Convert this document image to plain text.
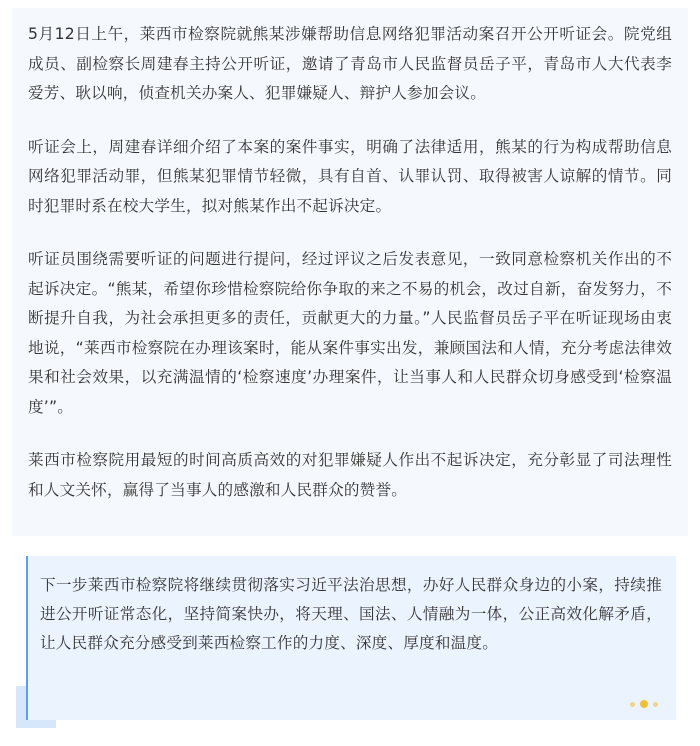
5月12日上午，莱西市检察院就熊某涉嫌帮助信息网络犯罪活动案召开公开听证会。院党组成员、副检察长周建春主持公开听证，邀请了青岛市人民监督员岳子平，青岛市人大代表李爱芳、耿以响，侦查机关办案人、犯罪嫌疑人、辩护人参加会议。

听证会上，周建春详细介绍了本案的案件事实，明确了法律适用，熊某的行为构成帮助信息网络犯罪活动罪，但熊某犯罪情节轻微，具有自首、认罪认罚、取得被害人谅解的情节。同时犯罪时系在校大学生，拟对熊某作出不起诉决定。

听证员围绕需要听证的问题进行提问，经过评议之后发表意见，一致同意检察机关作出的不起诉决定。“熊某，希望你珍惜检察院给你争取的来之不易的机会，改过自新，奋发努力，不断提升自我，为社会承担更多的责任，贡献更大的力量。”人民监督员岳子平在听证现场由衷地说，“莱西市检察院在办理该案时，能从案件事实出发，兼顾国法和人情，充分考虑法律效果和社会效果，以充满温情的‘检察速度’办理案件，让当事人和人民群众切身感受到‘检察温度’”。

莱西市检察院用最短的时间高质高效的对犯罪嫌疑人作出不起诉决定，充分彰显了司法理性和人文关怀，赢得了当事人的感激和人民群众的赞誉。

下一步莱西市检察院将继续贯彻落实习近平法治思想，办好人民群众身边的小案，持续推进公开听证常态化，坚持简案快办，将天理、国法、人情融为一体，公正高效化解矛盾，让人民群众充分感受到莱西检察工作的力度、深度、厚度和温度。
